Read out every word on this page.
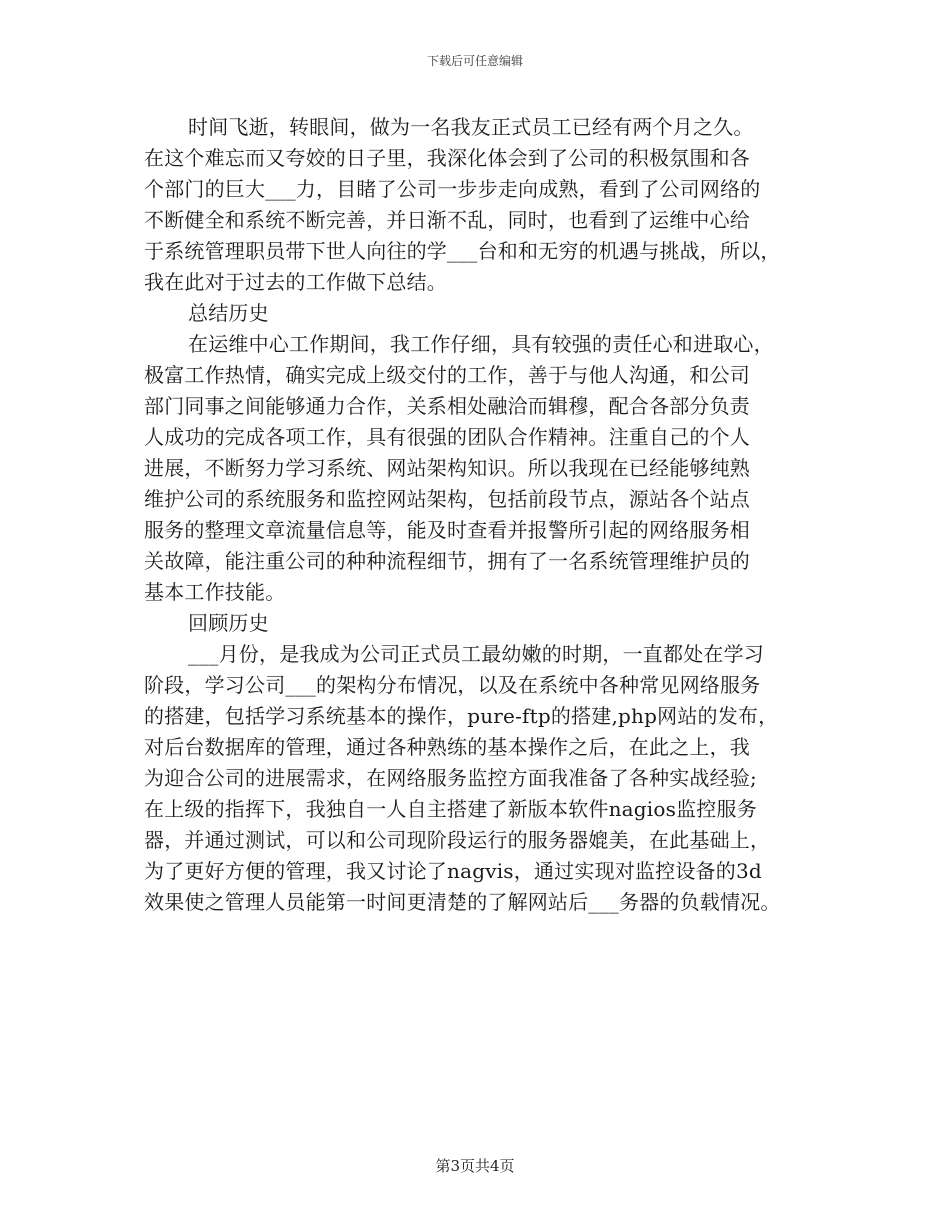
下载后可任意编辑
时间飞逝，转眼间，做为一名我友正式员工已经有两个月之久。
在这个难忘而又夸姣的日子里，我深化体会到了公司的积极氛围和各
个部门的巨大___力，目睹了公司一步步走向成熟，看到了公司网络的
不断健全和系统不断完善，并日渐不乱，同时，也看到了运维中心给
于系统管理职员带下世人向往的学___台和和无穷的机遇与挑战，所以，
我在此对于过去的工作做下总结。
总结历史
在运维中心工作期间，我工作仔细，具有较强的责任心和进取心，
极富工作热情，确实完成上级交付的工作，善于与他人沟通，和公司
部门同事之间能够通力合作，关系相处融洽而辑穆，配合各部分负责
人成功的完成各项工作，具有很强的团队合作精神。注重自己的个人
进展，不断努力学习系统、网站架构知识。所以我现在已经能够纯熟
维护公司的系统服务和监控网站架构，包括前段节点，源站各个站点
服务的整理文章流量信息等，能及时查看并报警所引起的网络服务相
关故障，能注重公司的种种流程细节，拥有了一名系统管理维护员的
基本工作技能。
回顾历史
___月份，是我成为公司正式员工最幼嫩的时期，一直都处在学习
阶段，学习公司___的架构分布情况，以及在系统中各种常见网络服务
的搭建，包括学习系统基本的操作，pure-ftp的搭建,php网站的发布，
对后台数据库的管理，通过各种熟练的基本操作之后，在此之上，我
为迎合公司的进展需求，在网络服务监控方面我准备了各种实战经验;
在上级的指挥下，我独自一人自主搭建了新版本软件nagios监控服务
器，并通过测试，可以和公司现阶段运行的服务器媲美，在此基础上，
为了更好方便的管理，我又讨论了nagvis，通过实现对监控设备的3d
效果使之管理人员能第一时间更清楚的了解网站后___务器的负载情况。
第3页共4页
